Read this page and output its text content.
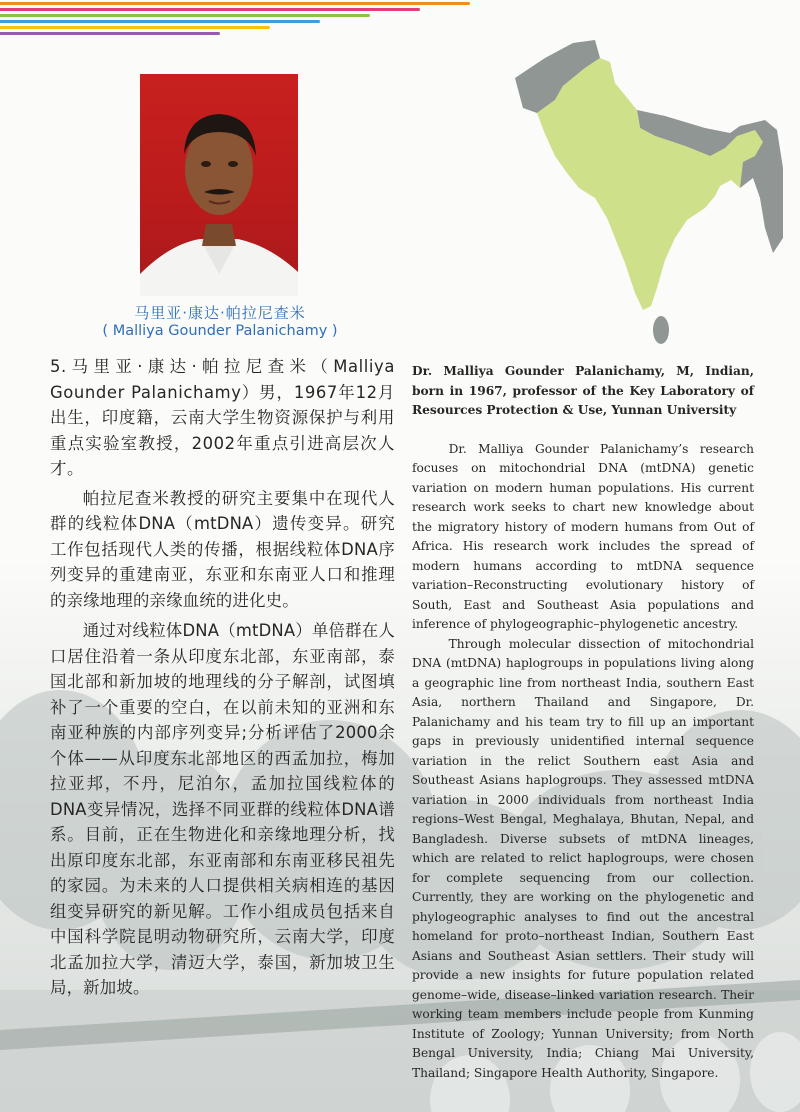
马里亚·康达·帕拉尼查米
( Malliya Gounder Palanichamy )

5.马里亚·康达·帕拉尼查米（Malliya Gounder Palanichamy）男，1967年12月出生，印度籍，云南大学生物资源保护与利用重点实验室教授，2002年重点引进高层次人才。

帕拉尼查米教授的研究主要集中在现代人群的线粒体DNA（mtDNA）遗传变异。研究工作包括现代人类的传播，根据线粒体DNA序列变异的重建南亚，东亚和东南亚人口和推理的亲缘地理的亲缘血统的进化史。

通过对线粒体DNA（mtDNA）单倍群在人口居住沿着一条从印度东北部，东亚南部，泰国北部和新加坡的地理线的分子解剖，试图填补了一个重要的空白，在以前未知的亚洲和东南亚种族的内部序列变异;分析评估了2000余个体——从印度东北部地区的西孟加拉，梅加拉亚邦，不丹，尼泊尔，孟加拉国线粒体的DNA变异情况，选择不同亚群的线粒体DNA谱系。目前，正在生物进化和亲缘地理分析，找出原印度东北部，东亚南部和东南亚移民祖先的家园。为未来的人口提供相关病相连的基因组变异研究的新见解。工作小组成员包括来自中国科学院昆明动物研究所，云南大学，印度北孟加拉大学，清迈大学，泰国，新加坡卫生局，新加坡。

Dr. Malliya Gounder Palanichamy, M, Indian, born in 1967, professor of the Key Laboratory of Resources Protection & Use, Yunnan University

Dr. Malliya Gounder Palanichamy’s research focuses on mitochondrial DNA (mtDNA) genetic variation on modern human populations. His current research work seeks to chart new knowledge about the migratory history of modern humans from Out of Africa. His research work includes the spread of modern humans according to mtDNA sequence variation–Reconstructing evolutionary history of South, East and Southeast Asia populations and inference of phylogeographic–phylogenetic ancestry.

Through molecular dissection of mitochondrial DNA (mtDNA) haplogroups in populations living along a geographic line from northeast India, southern East Asia, northern Thailand and Singapore, Dr. Palanichamy and his team try to fill up an important gaps in previously unidentified internal sequence variation in the relict Southern east Asia and Southeast Asians haplogroups. They assessed mtDNA variation in 2000 individuals from northeast India regions–West Bengal, Meghalaya, Bhutan, Nepal, and Bangladesh. Diverse subsets of mtDNA lineages, which are related to relict haplogroups, were chosen for complete sequencing from our collection. Currently, they are working on the phylogenetic and phylogeographic analyses to find out the ancestral homeland for proto–northeast Indian, Southern East Asians and Southeast Asian settlers. Their study will provide a new insights for future population related genome–wide, disease–linked variation research. Their working team members include people from Kunming Institute of Zoology; Yunnan University; from North Bengal University, India; Chiang Mai University, Thailand; Singapore Health Authority, Singapore.
